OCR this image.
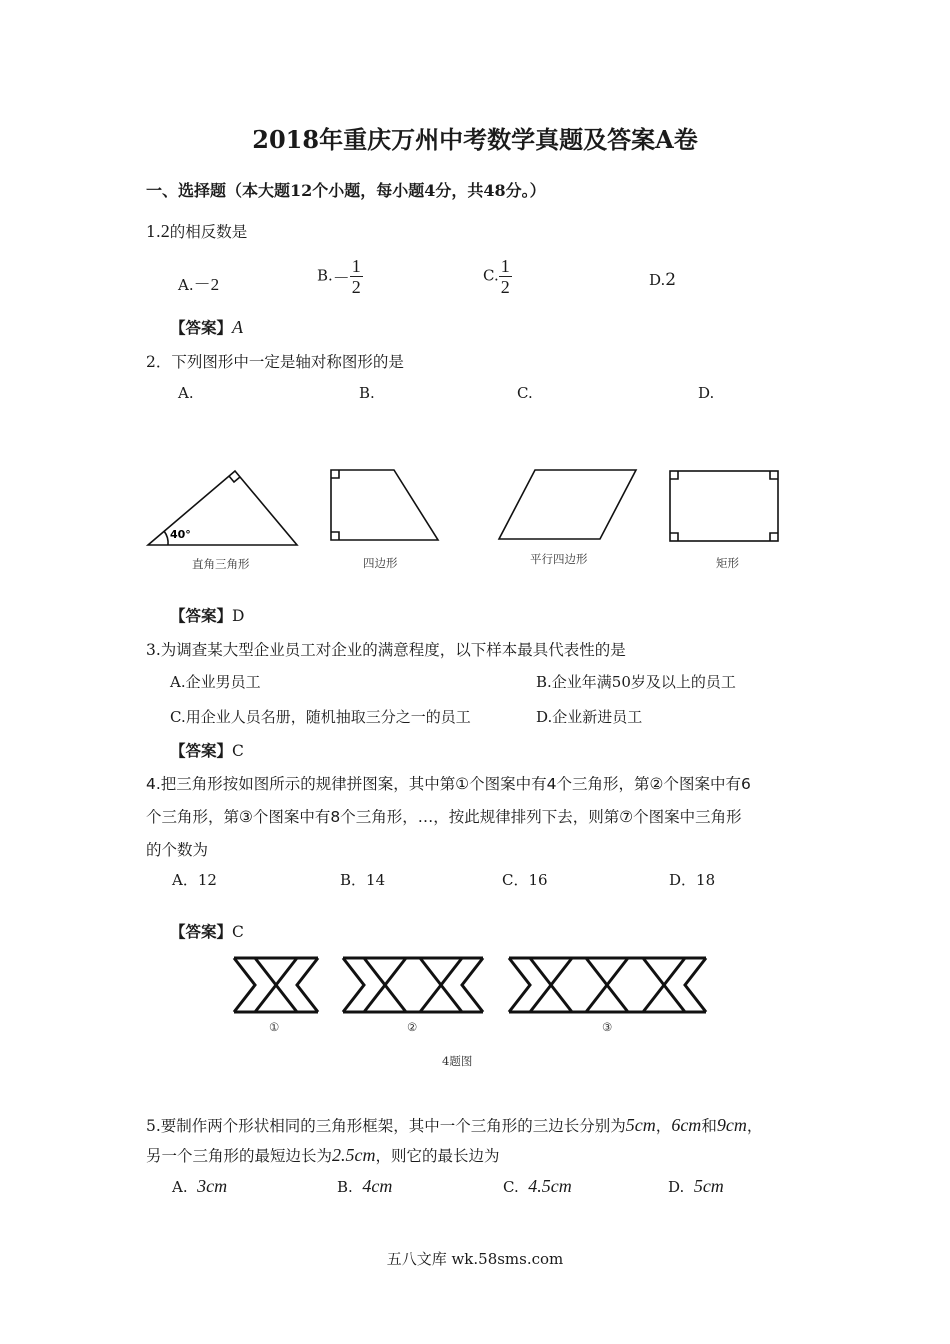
2018年重庆万州中考数学真题及答案A卷
一、选择题（本大题12个小题，每小题4分，共48分。）
1.2的相反数是
A.－2	$B.- \frac{1}{2}$	C. $\frac{1}{2}$	D.2
【答案】A
2．下列图形中一定是轴对称图形的是
A.	B.	C.	D.
40°
直角三角形	四边形	平行四边形	矩形
【答案】D
3.为调查某大型企业员工对企业的满意程度，以下样本最具代表性的是
A.企业男员工	B.企业年满50岁及以上的员工
C.用企业人员名册，随机抽取三分之一的员工	D.企业新进员工
【答案】C
4.把三角形按如图所示的规律拼图案，其中第①个图案中有4个三角形，第②个图案中有6
个三角形，第③个图案中有8个三角形，…，按此规律排列下去，则第⑦个图案中三角形
的个数为
A．12	B．14	C．16	D．18
【答案】C
①	②	③
4题图
5.要制作两个形状相同的三角形框架，其中一个三角形的三边长分别为5cm，6cm和9cm，
另一个三角形的最短边长为2.5cm，则它的最长边为
A. 3cm	B. 4cm	C. 4.5cm	D. 5cm
五八文库 wk.58sms.com
